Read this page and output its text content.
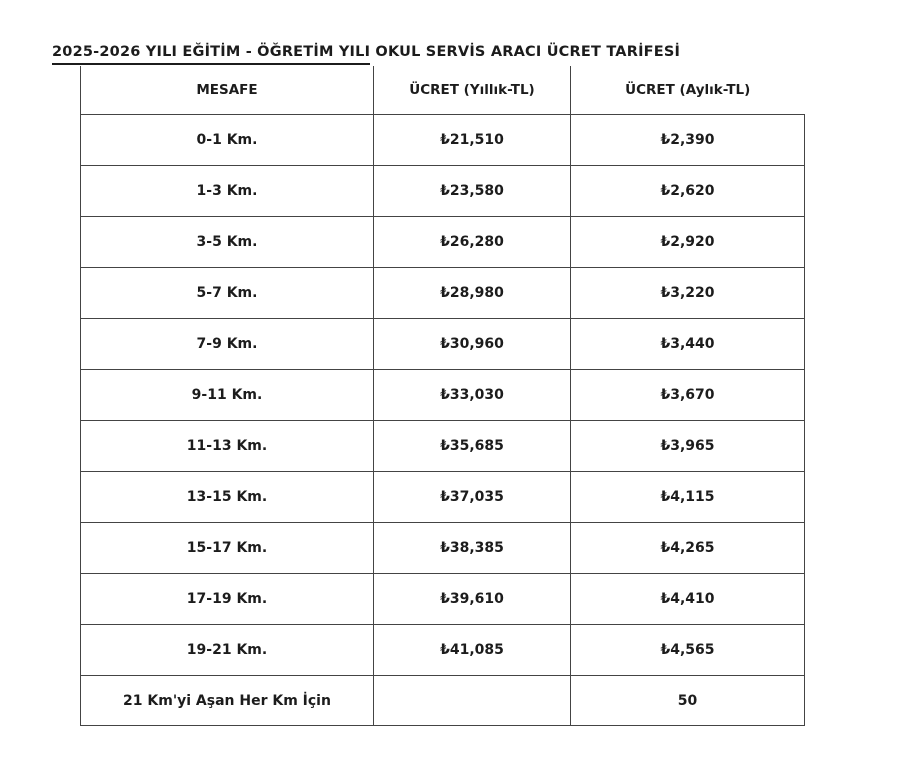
2025-2026 YILI EĞİTİM - ÖĞRETİM YILI OKUL SERVİS ARACI ÜCRET TARİFESİ
MESAFE	ÜCRET (Yıllık-TL)	ÜCRET (Aylık-TL)
0-1 Km.	₺21,510	₺2,390
1-3 Km.	₺23,580	₺2,620
3-5 Km.	₺26,280	₺2,920
5-7 Km.	₺28,980	₺3,220
7-9 Km.	₺30,960	₺3,440
9-11 Km.	₺33,030	₺3,670
11-13 Km.	₺35,685	₺3,965
13-15 Km.	₺37,035	₺4,115
15-17 Km.	₺38,385	₺4,265
17-19 Km.	₺39,610	₺4,410
19-21 Km.	₺41,085	₺4,565
21 Km'yi Aşan Her Km İçin		50
